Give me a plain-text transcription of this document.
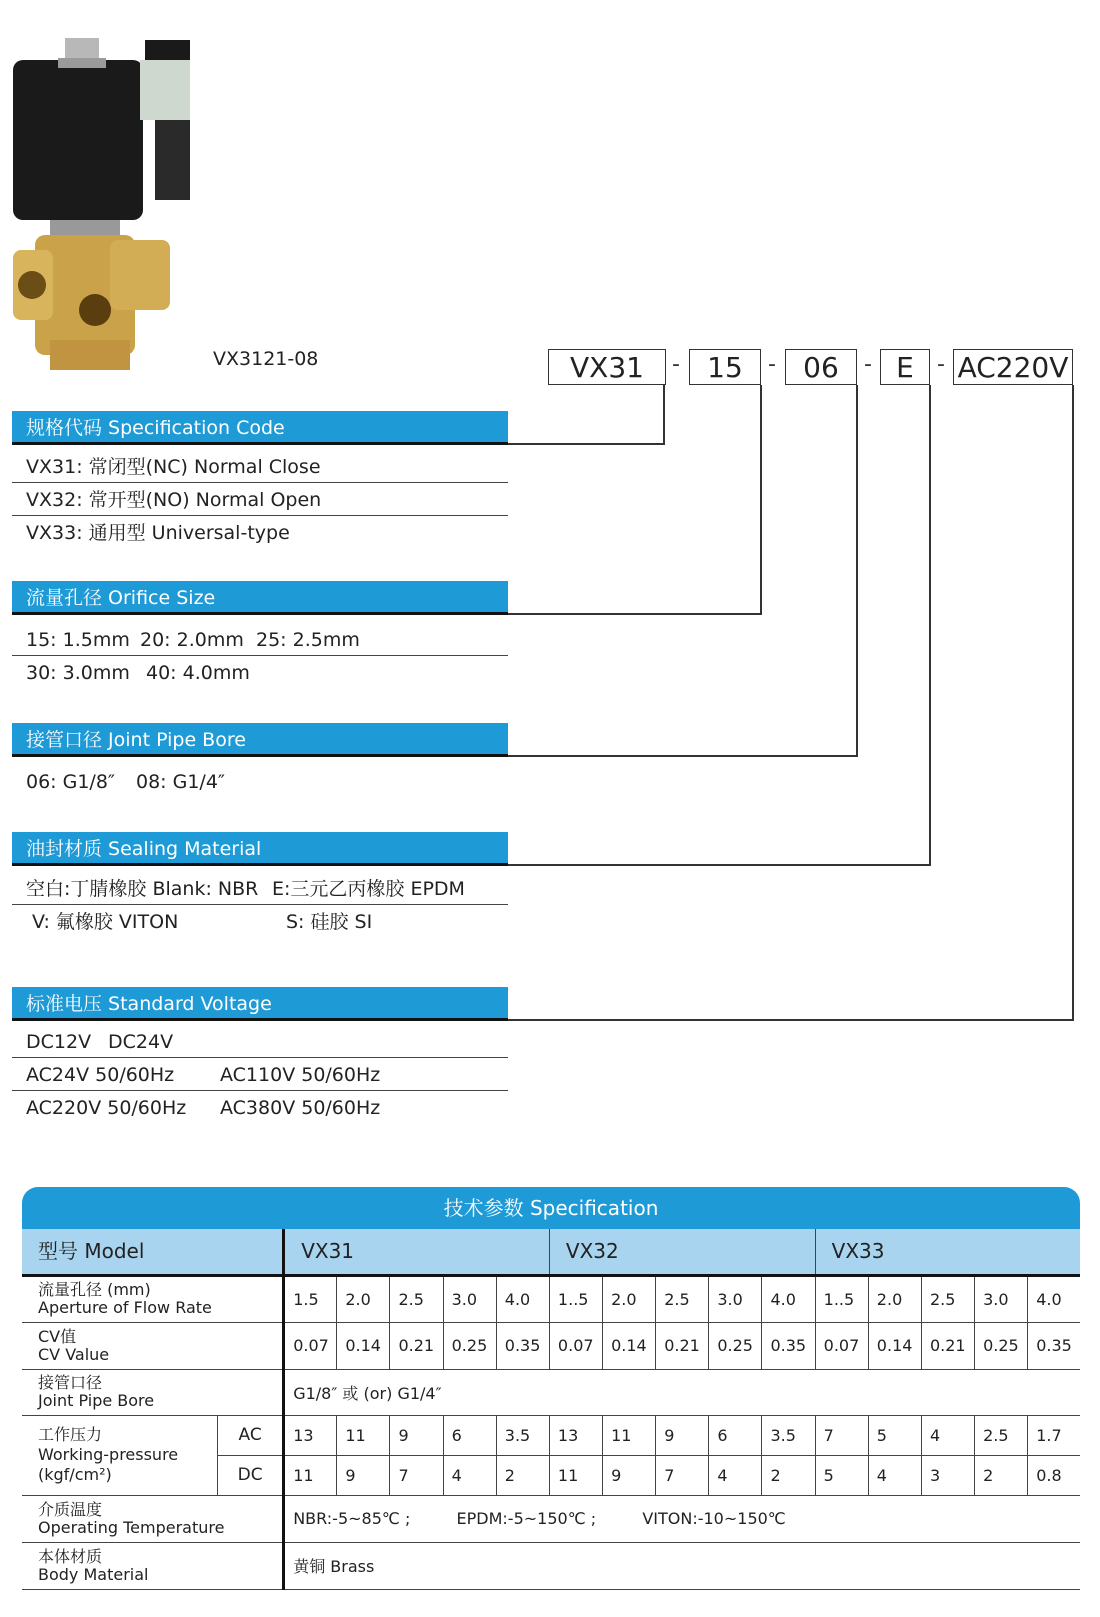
VX3121-08	VX31	- 15	- 06	- E	- AC220V
规格代码 Specification Code
VX31: 常闭型(NC) Normal Close
VX32: 常开型(NO) Normal Open
VX33: 通用型 Universal-type
流量孔径 Orifice Size
15: 1.5mm 20: 2.0mm 25: 2.5mm
30: 3.0mm 40: 4.0mm
接管口径 Joint Pipe Bore
06: G1/8″ 08: G1/4″
油封材质 Sealing Material
空白:丁腈橡胶 Blank: NBR E:三元乙丙橡胶 EPDM
V: 氟橡胶 VITON	S: 硅胶 SI
标准电压 Standard Voltage
DC12V DC24V
AC24V 50/60Hz AC110V 50/60Hz
AC220V 50/60Hz AC380V 50/60Hz
技术参数 Specification
型号 Model		VX31					VX32					VX33				

流量孔径 (mm)
Aperture of Flow Rate		1.5	2.0	2.5	3.0	4.0	1..5	2.0	2.5	3.0	4.0	1..5	2.0	2.5	3.0	4.0

CV值
CV Value		0.07	0.14	0.21	0.25	0.35	0.07	0.14	0.21	0.25	0.35	0.07	0.14	0.21	0.25	0.35

接管口径
Joint Pipe Bore		G1/8″ 或 (or) G1/4″														

工作压力
Working-pressure
(kgf/cm²)	AC	13	11	9	6	3.5	13	11	9	6	3.5	7	5	4	2.5	1.7
	DC	11	9	7	4	2	11	9	7	4	2	5	4	3	2	0.8

介质温度
Operating Temperature		NBR:-5~85℃ ; EPDM:-5~150℃ ; VITON:-10~150℃														

本体材质
Body Material		黄铜 Brass														
